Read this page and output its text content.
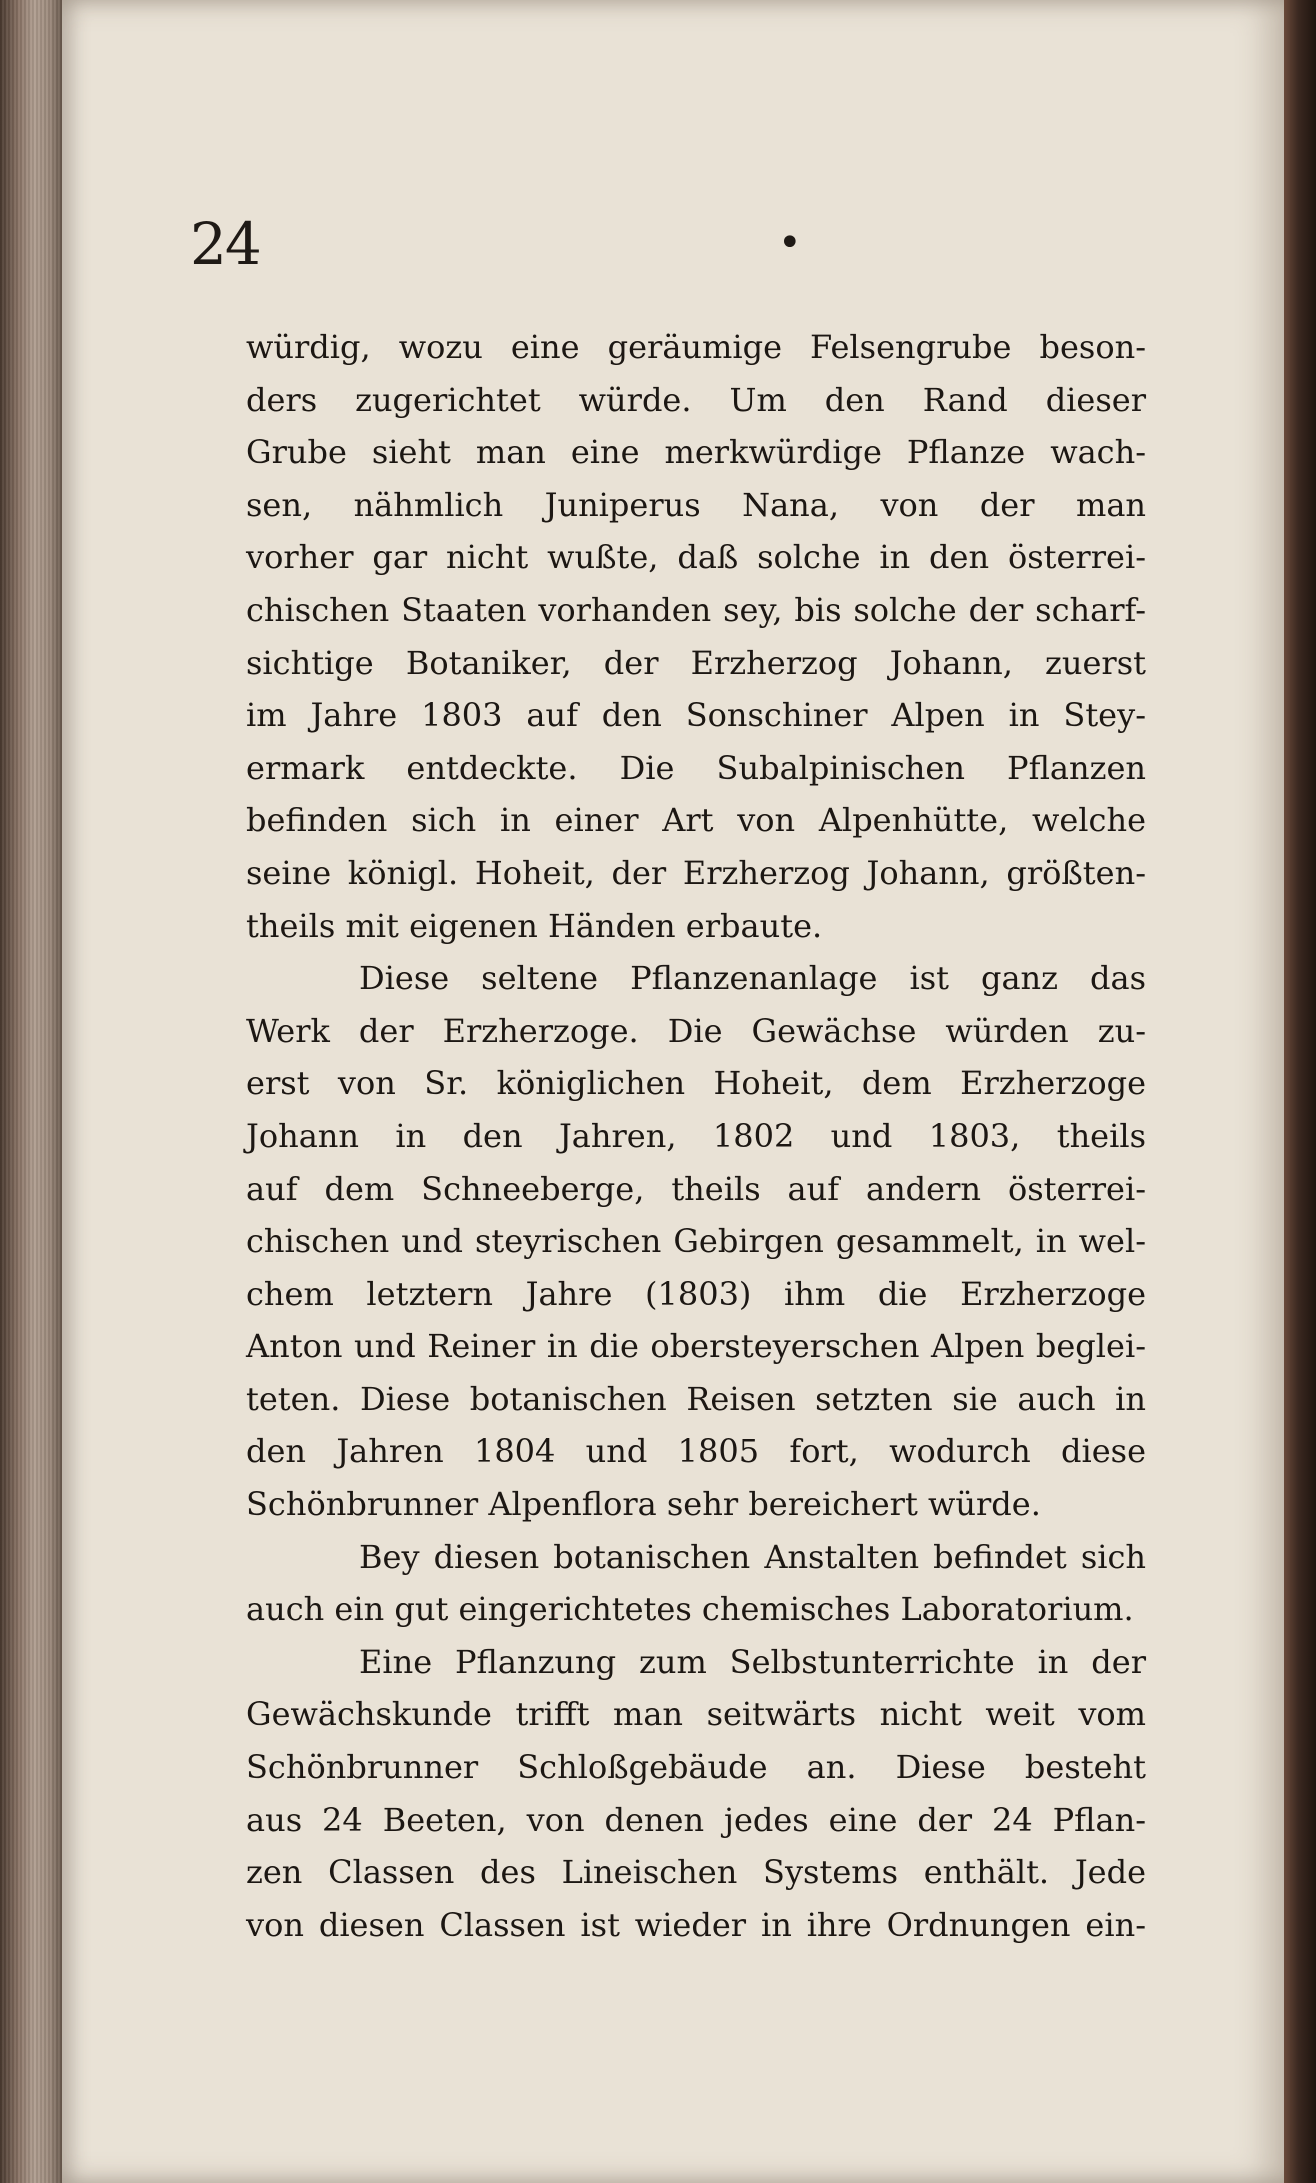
24	•
würdig, wozu eine geräumige Felsengrube beson-
ders zugerichtet würde. Um den Rand dieser
Grube sieht man eine merkwürdige Pflanze wach-
sen, nähmlich Juniperus Nana, von der man
vorher gar nicht wußte, daß solche in den österrei-
chischen Staaten vorhanden sey, bis solche der scharf-
sichtige Botaniker, der Erzherzog Johann, zuerst
im Jahre 1803 auf den Sonschiner Alpen in Stey-
ermark entdeckte. Die Subalpinischen Pflanzen
befinden sich in einer Art von Alpenhütte, welche
seine königl. Hoheit, der Erzherzog Johann, größten-
theils mit eigenen Händen erbaute.
Diese seltene Pflanzenanlage ist ganz das
Werk der Erzherzoge. Die Gewächse würden zu-
erst von Sr. königlichen Hoheit, dem Erzherzoge
Johann in den Jahren, 1802 und 1803, theils
auf dem Schneeberge, theils auf andern österrei-
chischen und steyrischen Gebirgen gesammelt, in wel-
chem letztern Jahre (1803) ihm die Erzherzoge
Anton und Reiner in die obersteyerschen Alpen beglei-
teten. Diese botanischen Reisen setzten sie auch in
den Jahren 1804 und 1805 fort, wodurch diese
Schönbrunner Alpenflora sehr bereichert würde.
Bey diesen botanischen Anstalten befindet sich
auch ein gut eingerichtetes chemisches Laboratorium.
Eine Pflanzung zum Selbstunterrichte in der
Gewächskunde trifft man seitwärts nicht weit vom
Schönbrunner Schloßgebäude an. Diese besteht
aus 24 Beeten, von denen jedes eine der 24 Pflan-
zen Classen des Lineischen Systems enthält. Jede
von diesen Classen ist wieder in ihre Ordnungen ein-
